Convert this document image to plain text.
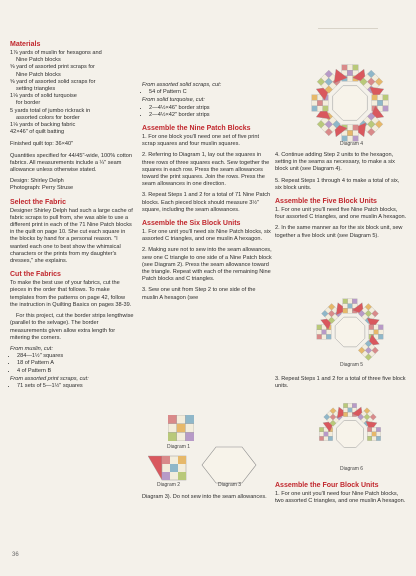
Materials
1⅞ yards of muslin for hexagons and
Nine Patch blocks
⅝ yard of assorted print scraps for
Nine Patch blocks
⅝ yard of assorted solid scraps for
setting triangles
1⅛ yards of solid turquoise
for border
5 yards total of jumbo rickrack in
assorted colors for border
1⅛ yards of backing fabric
42×46" of quilt batting

Finished quilt top: 36×40"

Quantities specified for 44/45"-wide, 100% cotton fabrics. All measurements include a ¼" seam allowance unless otherwise stated.

Design: Shirley Delph
Photograph: Perry Struse
Select the Fabric

Designer Shirley Delph had such a large cache of fabric scraps to pull from, she was able to use a different print in each of the 71 Nine Patch blocks in the quilt on page 10. She cut each square in the blocks by hand for a personal reason. "I wanted each one to best show the whimsical characters or the prints from my daughter's dresses," she explains.

Cut the Fabrics

To make the best use of your fabrics, cut the pieces in the order that follows. To make templates from the patterns on page 42, follow the instruction in Quilting Basics on pages 38-39.

For this project, cut the border strips lengthwise (parallel to the selvage). The border measurements given allow extra length for mitering the corners.

From muslin, cut:
• 284—1½" squares
• 18 of Pattern A
• 4 of Pattern B
From assorted print scraps, cut:
• 71 sets of 5—1½" squares
From assorted solid scraps, cut:
• 54 of Pattern C
From solid turquoise, cut:
• 2—4½×46" border strips
• 2—4½×42" border strips
Assemble the Nine Patch Blocks

1. For one block you'll need one set of five print scrap squares and four muslin squares.

2. Referring to Diagram 1, lay out the squares in three rows of three squares each. Sew together the squares in each row. Press the seam allowances toward the print squares. Join the rows. Press the seam allowances in one direction.

3. Repeat Steps 1 and 2 for a total of 71 Nine Patch blocks. Each pieced block should measure 3½" square, including the seam allowances.

Assemble the Six Block Units

1. For one unit you'll need six Nine Patch blocks, six assorted C triangles, and one muslin A hexagon.

2. Making sure not to sew into the seam allowances, sew one C triangle to one side of a Nine Patch block (see Diagram 2). Press the seam allowance toward the triangle. Repeat with each of the remaining Nine Patch blocks and C triangles.

3. Sew one unit from Step 2 to one side of the muslin A hexagon (see

Diagram 1
Diagram 2	Diagram 3

Diagram 3). Do not sew into the seam allowances.

Diagram 4

4. Continue adding Step 2 units to the hexagon, setting in the seams as necessary, to make a six block unit (see Diagram 4).

5. Repeat Steps 1 through 4 to make a total of six, six block units.

Assemble the Five Block Units

1. For one unit you'll need five Nine Patch blocks, four assorted C triangles, and one muslin A hexagon.

2. In the same manner as for the six block unit, sew together a five block unit (see Diagram 5).

Diagram 5

3. Repeat Steps 1 and 2 for a total of three five block units.

Diagram 6
Assemble the Four Block Units

1. For one unit you'll need four Nine Patch blocks, two assorted C triangles, and one muslin A hexagon.

36
